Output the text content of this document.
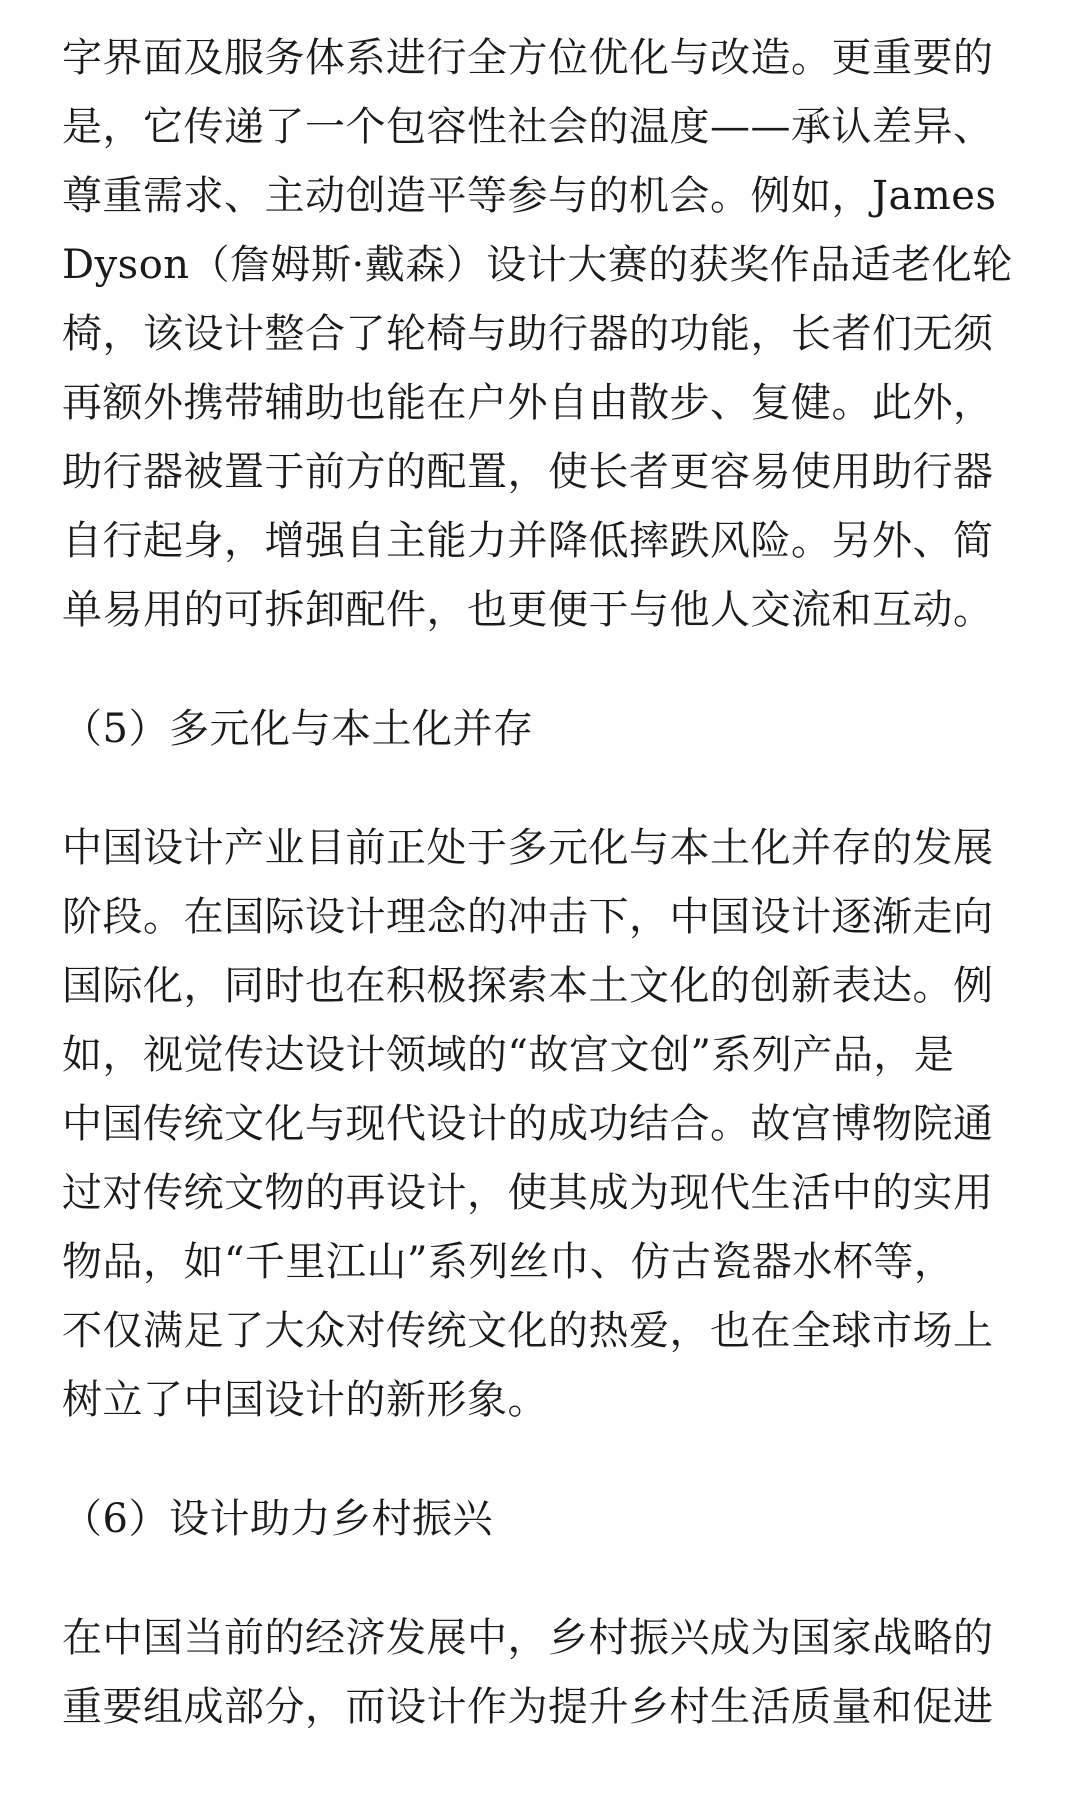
字界面及服务体系进行全方位优化与改造。更重要的
是，它传递了一个包容性社会的温度——承认差异、
尊重需求、主动创造平等参与的机会。例如，James
Dyson（詹姆斯·戴森）设计大赛的获奖作品适老化轮
椅，该设计整合了轮椅与助行器的功能，长者们无须
再额外携带辅助也能在户外自由散步、复健。此外，
助行器被置于前方的配置，使长者更容易使用助行器
自行起身，增强自主能力并降低摔跌风险。另外、简
单易用的可拆卸配件，也更便于与他人交流和互动。
（5）多元化与本土化并存
中国设计产业目前正处于多元化与本土化并存的发展
阶段。在国际设计理念的冲击下，中国设计逐渐走向
国际化，同时也在积极探索本土文化的创新表达。例
如，视觉传达设计领域的“故宫文创”系列产品，是
中国传统文化与现代设计的成功结合。故宫博物院通
过对传统文物的再设计，使其成为现代生活中的实用
物品，如“千里江山”系列丝巾、仿古瓷器水杯等，
不仅满足了大众对传统文化的热爱，也在全球市场上
树立了中国设计的新形象。
（6）设计助力乡村振兴
在中国当前的经济发展中，乡村振兴成为国家战略的
重要组成部分，而设计作为提升乡村生活质量和促进
